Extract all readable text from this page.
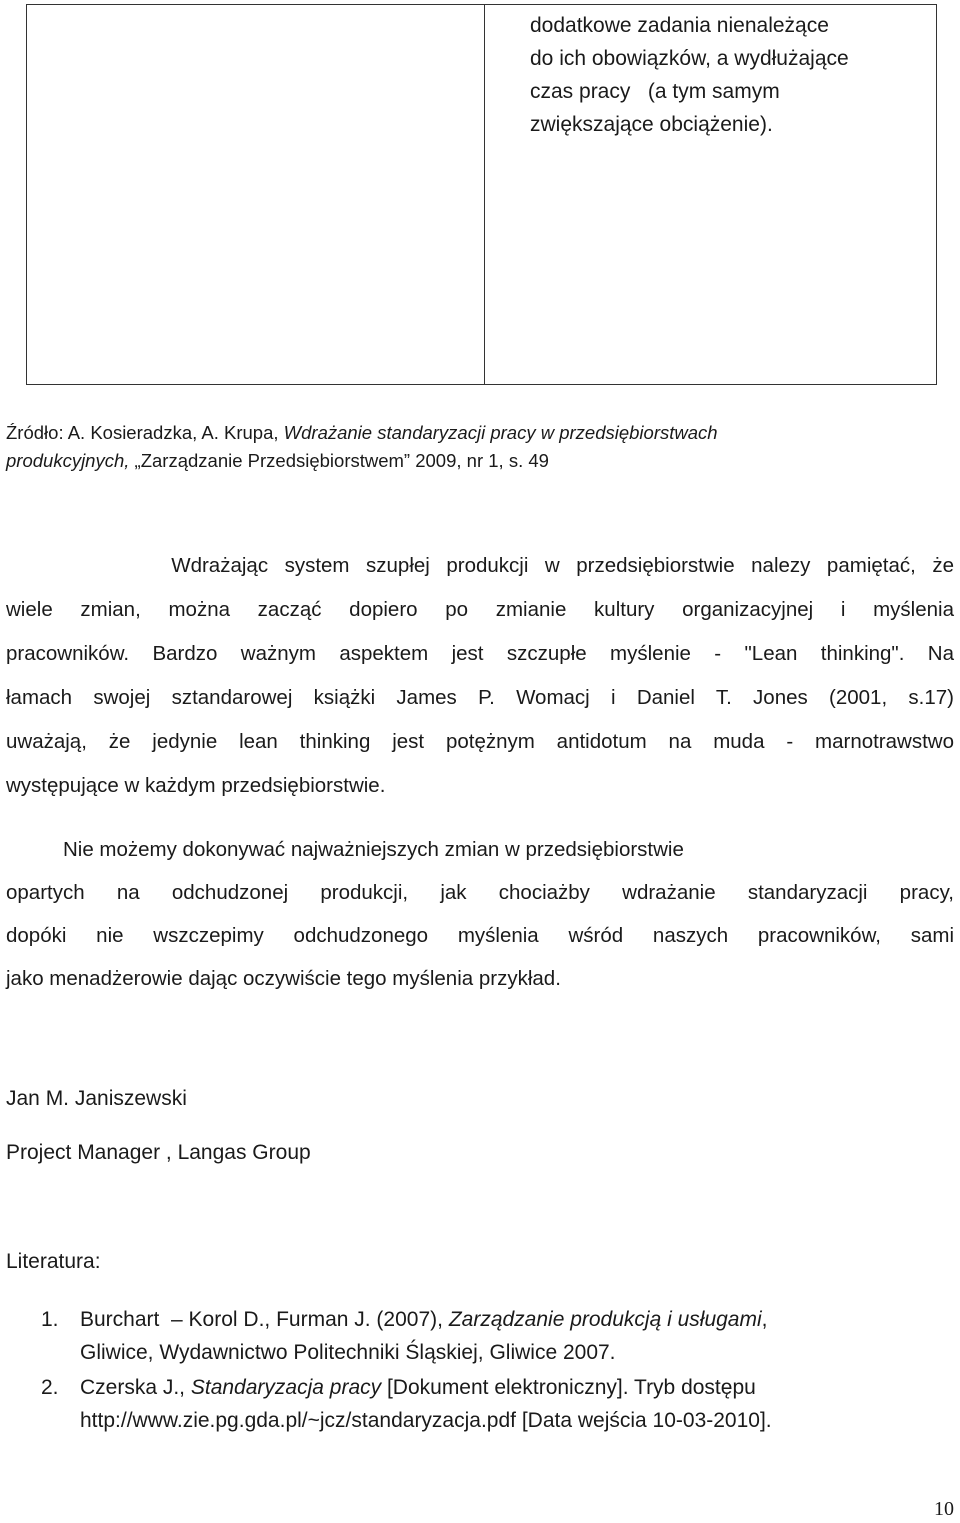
dodatkowe zadania nienależące
do ich obowiązków, a wydłużające
czas pracy   (a tym samym
zwiększające obciążenie).
Źródło: A. Kosieradzka, A. Krupa, Wdrażanie standaryzacji pracy w przedsiębiorstwach
produkcyjnych, „Zarządzanie Przedsiębiorstwem” 2009, nr 1, s. 49
Wdrażając system szupłej produkcji w przedsiębiorstwie nalezy pamiętać, że
wiele zmian, można zacząć dopiero po zmianie kultury organizacyjnej i myślenia
pracowników. Bardzo ważnym aspektem jest szczupłe myślenie - "Lean thinking". Na
łamach swojej sztandarowej książki James P. Womacj i Daniel T. Jones (2001, s.17)
uważają, że jedynie lean thinking jest potężnym antidotum na muda - marnotrawstwo
występujące w każdym przedsiębiorstwie.
Nie możemy dokonywać najważniejszych zmian w przedsiębiorstwie
opartych na odchudzonej produkcji, jak chociażby wdrażanie standaryzacji pracy,
dopóki nie wszczepimy odchudzonego myślenia wśród naszych pracowników, sami
jako menadżerowie dając oczywiście tego myślenia przykład.
Jan M. Janiszewski
Project Manager , Langas Group
Literatura:
1. Burchart  – Korol D., Furman J. (2007), Zarządzanie produkcją i usługami,
Gliwice, Wydawnictwo Politechniki Śląskiej, Gliwice 2007.
2. Czerska J., Standaryzacja pracy [Dokument elektroniczny]. Tryb dostępu
http://www.zie.pg.gda.pl/~jcz/standaryzacja.pdf [Data wejścia 10-03-2010].
10
